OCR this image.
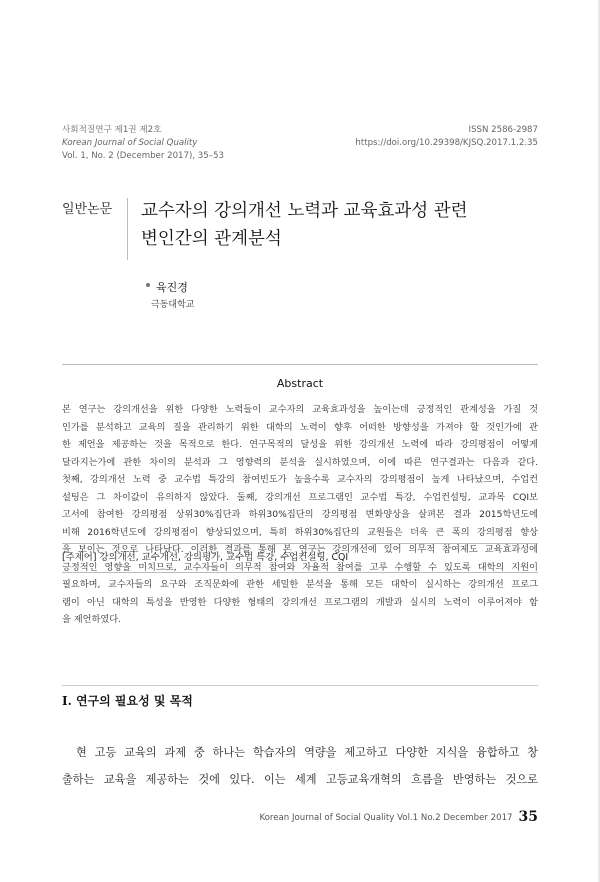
사회적질연구 제1권 제2호
Korean Journal of Social Quality
Vol. 1, No. 2 (December 2017), 35–53
ISSN 2586-2987
https://doi.org/10.29398/KJSQ.2017.1.2.35
일반논문 교수자의 강의개선 노력과 교육효과성 관련
변인간의 관계분석
육진경
극동대학교
Abstract
본 연구는 강의개선을 위한 다양한 노력들이 교수자의 교육효과성을 높이는데 긍정적인 관계성을 가질 것
인가를 분석하고 교육의 질을 관리하기 위한 대학의 노력이 향후 어떠한 방향성을 가져야 할 것인가에 관
한 제언을 제공하는 것을 목적으로 한다. 연구목적의 달성을 위한 강의개선 노력에 따라 강의평점이 어떻게
달라지는가에 관한 차이의 분석과 그 영향력의 분석을 실시하였으며, 이에 따른 연구결과는 다음과 같다.
첫째, 강의개선 노력 중 교수법 특강의 참여빈도가 높을수록 교수자의 강의평점이 높게 나타났으며, 수업컨
설팅은 그 차이값이 유의하지 않았다. 둘째, 강의개선 프로그램인 교수법 특강, 수업컨설팅, 교과목 CQI보
고서에 참여한 강의평점 상위30%집단과 하위30%집단의 강의평점 변화양상을 살펴본 결과 2015학년도에
비해 2016학년도에 강의평점이 향상되었으며, 특히 하위30%집단의 교원들은 더욱 큰 폭의 강의평점 향상
을 보이는 것으로 나타났다. 이러한 결과를 통해 본 연구는 강의개선에 있어 의무적 참여제도 교육효과성에
긍정적인 영향을 미치므로, 교수자들이 의무적 참여와 자율적 참여를 고루 수행할 수 있도록 대학의 지원이
필요하며, 교수자들의 요구와 조직문화에 관한 세밀한 분석을 통해 모든 대학이 실시하는 강의개선 프로그
램이 아닌 대학의 특성을 반영한 다양한 형태의 강의개선 프로그램의 개발과 실시의 노력이 이루어져야 함
을 제언하였다.
[주제어] 강의개선, 교수개선, 강의평가, 교수법 특강, 수업컨설팅, CQI
Ⅰ. 연구의 필요성 및 목적
현 고등 교육의 과제 중 하나는 학습자의 역량을 제고하고 다양한 지식을 융합하고 창
출하는 교육을 제공하는 것에 있다. 이는 세계 고등교육개혁의 흐름을 반영하는 것으로
Korean Journal of Social Quality Vol.1 No.2 December 2017 35
